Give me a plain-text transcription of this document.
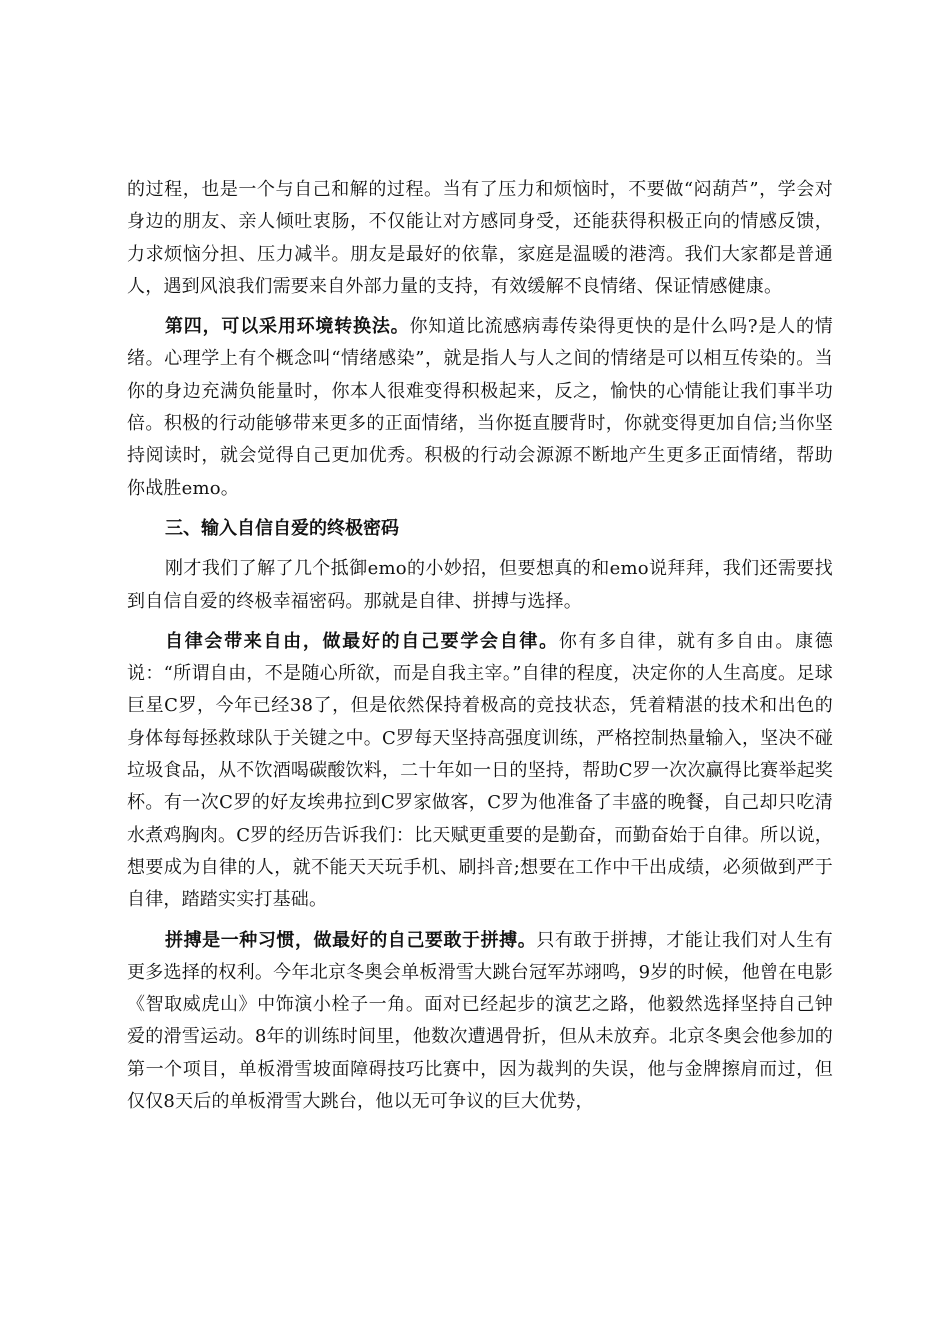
的过程，也是一个与自己和解的过程。当有了压力和烦恼时，不要做“闷葫芦”，学会对身边的朋友、亲人倾吐衷肠，不仅能让对方感同身受，还能获得积极正向的情感反馈，力求烦恼分担、压力减半。朋友是最好的依靠，家庭是温暖的港湾。我们大家都是普通人，遇到风浪我们需要来自外部力量的支持，有效缓解不良情绪、保证情感健康。

第四，可以采用环境转换法。你知道比流感病毒传染得更快的是什么吗?是人的情绪。心理学上有个概念叫“情绪感染”，就是指人与人之间的情绪是可以相互传染的。当你的身边充满负能量时，你本人很难变得积极起来，反之，愉快的心情能让我们事半功倍。积极的行动能够带来更多的正面情绪，当你挺直腰背时，你就变得更加自信;当你坚持阅读时，就会觉得自己更加优秀。积极的行动会源源不断地产生更多正面情绪，帮助你战胜emo。

三、输入自信自爱的终极密码

刚才我们了解了几个抵御emo的小妙招，但要想真的和emo说拜拜，我们还需要找到自信自爱的终极幸福密码。那就是自律、拼搏与选择。

自律会带来自由，做最好的自己要学会自律。你有多自律，就有多自由。康德说：“所谓自由，不是随心所欲，而是自我主宰。”自律的程度，决定你的人生高度。足球巨星C罗，今年已经38了，但是依然保持着极高的竞技状态，凭着精湛的技术和出色的身体每每拯救球队于关键之中。C罗每天坚持高强度训练，严格控制热量输入，坚决不碰垃圾食品，从不饮酒喝碳酸饮料，二十年如一日的坚持，帮助C罗一次次赢得比赛举起奖杯。有一次C罗的好友埃弗拉到C罗家做客，C罗为他准备了丰盛的晚餐，自己却只吃清水煮鸡胸肉。C罗的经历告诉我们：比天赋更重要的是勤奋，而勤奋始于自律。所以说，想要成为自律的人，就不能天天玩手机、刷抖音;想要在工作中干出成绩，必须做到严于自律，踏踏实实打基础。

拼搏是一种习惯，做最好的自己要敢于拼搏。只有敢于拼搏，才能让我们对人生有更多选择的权利。今年北京冬奥会单板滑雪大跳台冠军苏翊鸣，9岁的时候，他曾在电影《智取威虎山》中饰演小栓子一角。面对已经起步的演艺之路，他毅然选择坚持自己钟爱的滑雪运动。8年的训练时间里，他数次遭遇骨折，但从未放弃。北京冬奥会他参加的第一个项目，单板滑雪坡面障碍技巧比赛中，因为裁判的失误，他与金牌擦肩而过，但仅仅8天后的单板滑雪大跳台，他以无可争议的巨大优势，
